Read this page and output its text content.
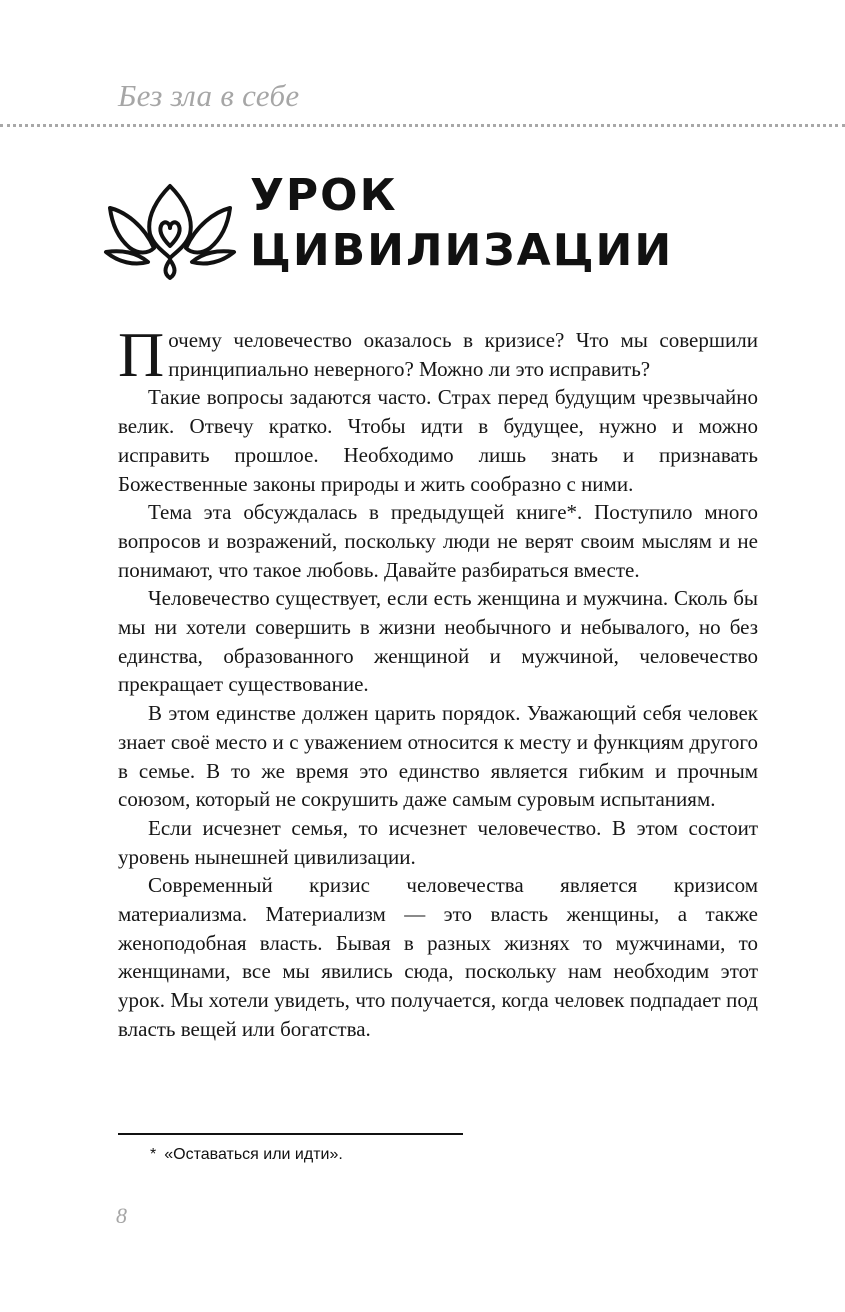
Без зла в себе
УРОК
ЦИВИЛИЗАЦИИ

Почему человечество оказалось в кризисе? Что мы совершили принципиально неверного? Можно ли это исправить?

Такие вопросы задаются часто. Страх перед будущим чрезвычайно велик. Отвечу кратко. Чтобы идти в будущее, нужно и можно исправить прошлое. Необходимо лишь знать и признавать Божественные законы природы и жить сообразно с ними.

Тема эта обсуждалась в предыдущей книге*. Поступило много вопросов и возражений, поскольку люди не верят своим мыслям и не понимают, что такое любовь. Давайте разбираться вместе.

Человечество существует, если есть женщина и мужчина. Сколь бы мы ни хотели совершить в жизни необычного и небывалого, но без единства, образованного женщиной и мужчиной, человечество прекращает существование.

В этом единстве должен царить порядок. Уважающий себя человек знает своё место и с уважением относится к месту и функциям другого в семье. В то же время это единство является гибким и прочным союзом, который не сокрушить даже самым суровым испытаниям.

Если исчезнет семья, то исчезнет человечество. В этом состоит уровень нынешней цивилизации.

Современный кризис человечества является кризисом материализма. Материализм — это власть женщины, а также женоподобная власть. Бывая в разных жизнях то мужчинами, то женщинами, все мы явились сюда, поскольку нам необходим этот урок. Мы хотели увидеть, что получается, когда человек подпадает под власть вещей или богатства.

* «Оставаться или идти».
8
